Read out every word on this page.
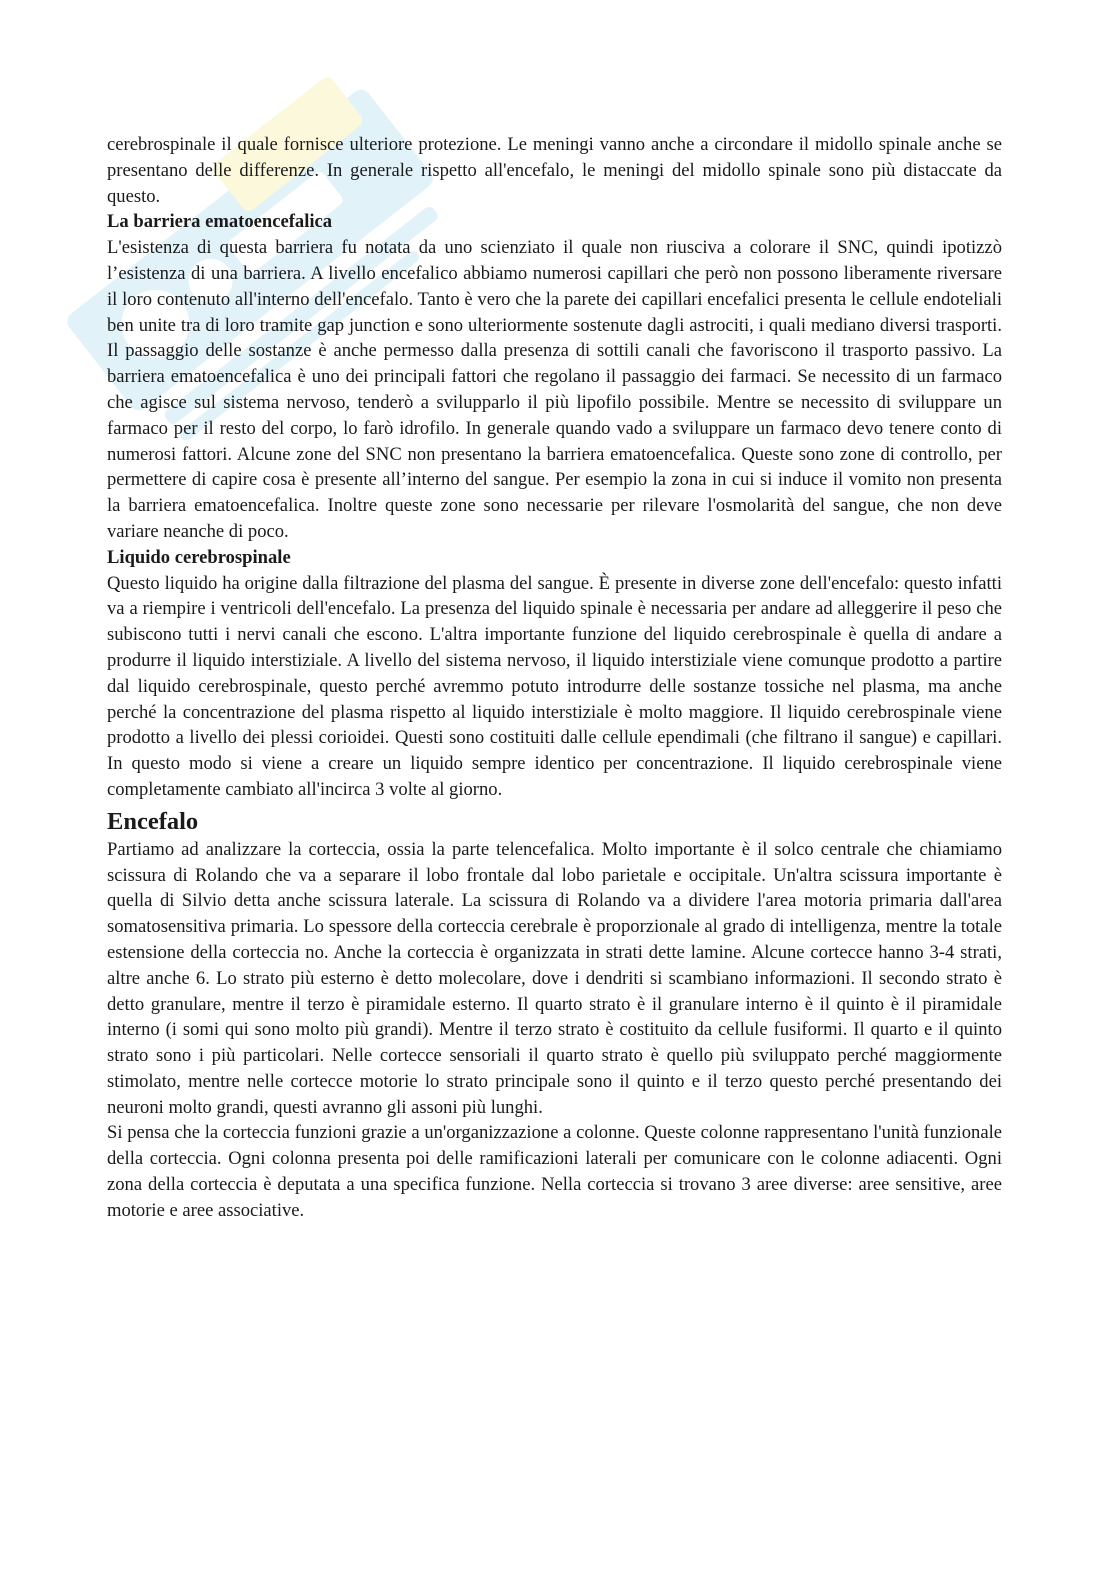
cerebrospinale il quale fornisce ulteriore protezione. Le meningi vanno anche a circondare il midollo spinale anche se presentano delle differenze. In generale rispetto all'encefalo, le meningi del midollo spinale sono più distaccate da questo.

La barriera ematoencefalica

L'esistenza di questa barriera fu notata da uno scienziato il quale non riusciva a colorare il SNC, quindi ipotizzò l’esistenza di una barriera. A livello encefalico abbiamo numerosi capillari che però non possono liberamente riversare il loro contenuto all'interno dell'encefalo. Tanto è vero che la parete dei capillari encefalici presenta le cellule endoteliali ben unite tra di loro tramite gap junction e sono ulteriormente sostenute dagli astrociti, i quali mediano diversi trasporti. Il passaggio delle sostanze è anche permesso dalla presenza di sottili canali che favoriscono il trasporto passivo. La barriera ematoencefalica è uno dei principali fattori che regolano il passaggio dei farmaci. Se necessito di un farmaco che agisce sul sistema nervoso, tenderò a svilupparlo il più lipofilo possibile. Mentre se necessito di sviluppare un farmaco per il resto del corpo, lo farò idrofilo. In generale quando vado a sviluppare un farmaco devo tenere conto di numerosi fattori. Alcune zone del SNC non presentano la barriera ematoencefalica. Queste sono zone di controllo, per permettere di capire cosa è presente all’interno del sangue. Per esempio la zona in cui si induce il vomito non presenta la barriera ematoencefalica. Inoltre queste zone sono necessarie per rilevare l'osmolarità del sangue, che non deve variare neanche di poco.

Liquido cerebrospinale

Questo liquido ha origine dalla filtrazione del plasma del sangue. È presente in diverse zone dell'encefalo: questo infatti va a riempire i ventricoli dell'encefalo. La presenza del liquido spinale è necessaria per andare ad alleggerire il peso che subiscono tutti i nervi canali che escono. L'altra importante funzione del liquido cerebrospinale è quella di andare a produrre il liquido interstiziale. A livello del sistema nervoso, il liquido interstiziale viene comunque prodotto a partire dal liquido cerebrospinale, questo perché avremmo potuto introdurre delle sostanze tossiche nel plasma, ma anche perché la concentrazione del plasma rispetto al liquido interstiziale è molto maggiore. Il liquido cerebrospinale viene prodotto a livello dei plessi corioidei. Questi sono costituiti dalle cellule ependimali (che filtrano il sangue) e capillari. In questo modo si viene a creare un liquido sempre identico per concentrazione. Il liquido cerebrospinale viene completamente cambiato all'incirca 3 volte al giorno.

Encefalo

Partiamo ad analizzare la corteccia, ossia la parte telencefalica. Molto importante è il solco centrale che chiamiamo scissura di Rolando che va a separare il lobo frontale dal lobo parietale e occipitale. Un'altra scissura importante è quella di Silvio detta anche scissura laterale. La scissura di Rolando va a dividere l'area motoria primaria dall'area somatosensitiva primaria. Lo spessore della corteccia cerebrale è proporzionale al grado di intelligenza, mentre la totale estensione della corteccia no. Anche la corteccia è organizzata in strati dette lamine. Alcune cortecce hanno 3-4 strati, altre anche 6. Lo strato più esterno è detto molecolare, dove i dendriti si scambiano informazioni. Il secondo strato è detto granulare, mentre il terzo è piramidale esterno. Il quarto strato è il granulare interno è il quinto è il piramidale interno (i somi qui sono molto più grandi). Mentre il terzo strato è costituito da cellule fusiformi. Il quarto e il quinto strato sono i più particolari. Nelle cortecce sensoriali il quarto strato è quello più sviluppato perché maggiormente stimolato, mentre nelle cortecce motorie lo strato principale sono il quinto e il terzo questo perché presentando dei neuroni molto grandi, questi avranno gli assoni più lunghi.

Si pensa che la corteccia funzioni grazie a un'organizzazione a colonne. Queste colonne rappresentano l'unità funzionale della corteccia. Ogni colonna presenta poi delle ramificazioni laterali per comunicare con le colonne adiacenti. Ogni zona della corteccia è deputata a una specifica funzione. Nella corteccia si trovano 3 aree diverse: aree sensitive, aree motorie e aree associative.
